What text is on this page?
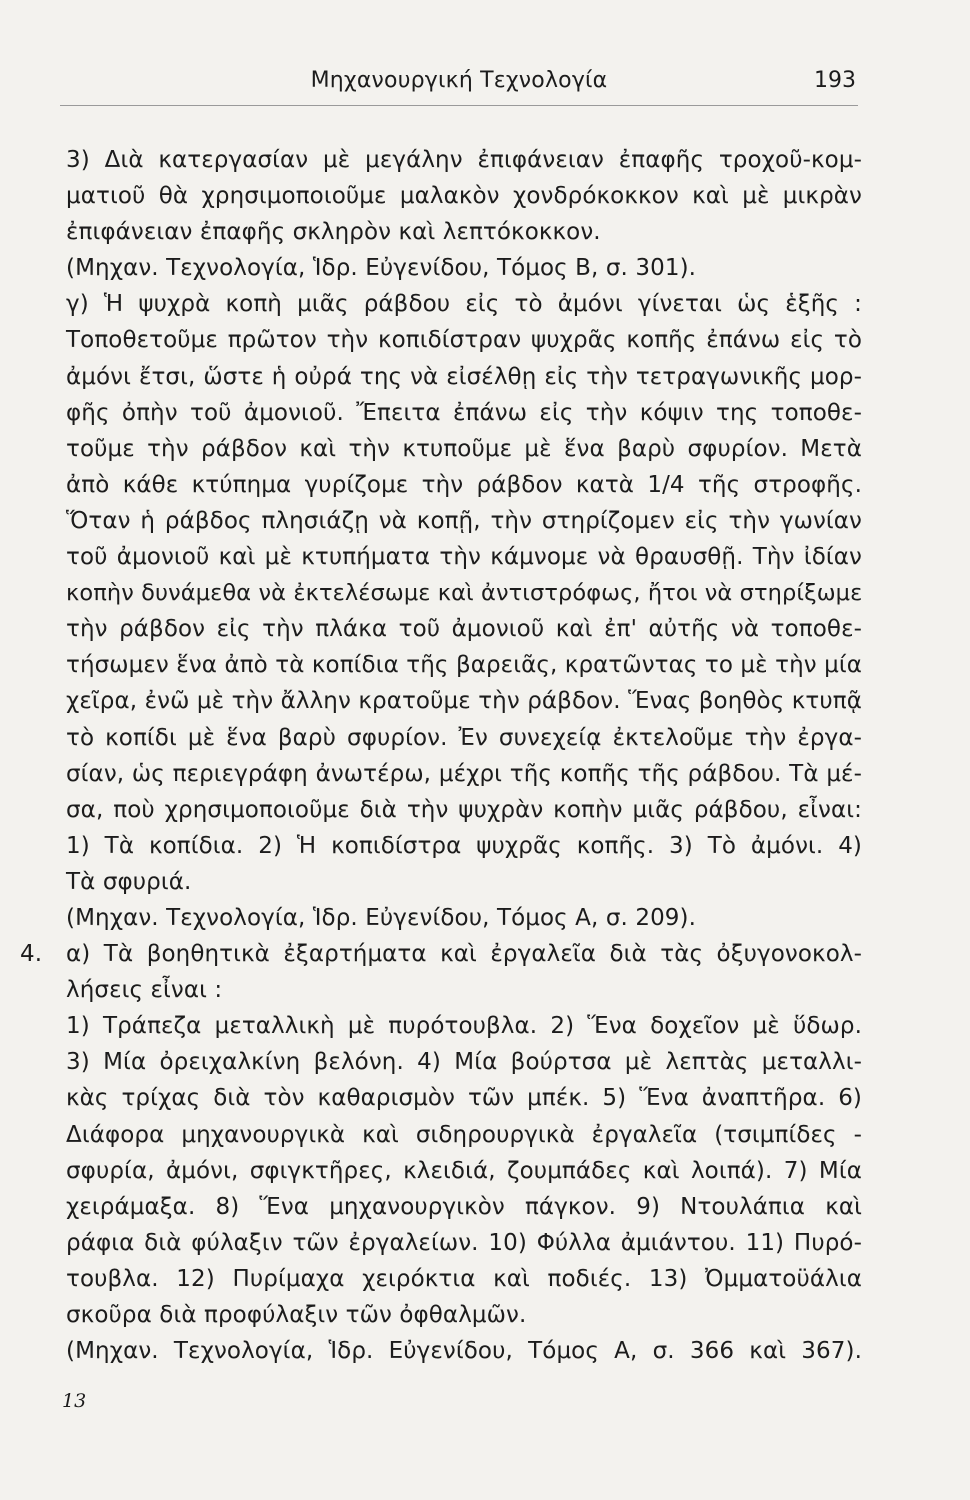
Μηχανουργική Τεχνολογία	193
3) Διὰ κατεργασίαν μὲ μεγάλην ἐπιφάνειαν ἐπαφῆς τροχοῦ-κομ-
ματιοῦ θὰ χρησιμοποιοῦμε μαλακὸν χονδρόκοκκον καὶ μὲ μικρὰν
ἐπιφάνειαν ἐπαφῆς σκληρὸν καὶ λεπτόκοκκον.
(Μηχαν. Τεχνολογία, Ἱδρ. Εὐγενίδου, Τόμος Β, σ. 301).
γ) Ἡ ψυχρὰ κοπὴ μιᾶς ράβδου εἰς τὸ ἀμόνι γίνεται ὡς ἑξῆς :
Τοποθετοῦμε πρῶτον τὴν κοπιδίστραν ψυχρᾶς κοπῆς ἐπάνω εἰς τὸ
ἀμόνι ἔτσι, ὥστε ἡ οὐρά της νὰ εἰσέλθῃ εἰς τὴν τετραγωνικῆς μορ-
φῆς ὀπὴν τοῦ ἀμονιοῦ. Ἔπειτα ἐπάνω εἰς τὴν κόψιν της τοποθε-
τοῦμε τὴν ράβδον καὶ τὴν κτυποῦμε μὲ ἕνα βαρὺ σφυρίον. Μετὰ
ἀπὸ κάθε κτύπημα γυρίζομε τὴν ράβδον κατὰ 1/4 τῆς στροφῆς.
Ὅταν ἡ ράβδος πλησιάζῃ νὰ κοπῇ, τὴν στηρίζομεν εἰς τὴν γωνίαν
τοῦ ἀμονιοῦ καὶ μὲ κτυπήματα τὴν κάμνομε νὰ θραυσθῇ. Τὴν ἰδίαν
κοπὴν δυνάμεθα νὰ ἐκτελέσωμε καὶ ἀντιστρόφως, ἤτοι νὰ στηρίξωμε
τὴν ράβδον εἰς τὴν πλάκα τοῦ ἀμονιοῦ καὶ ἐπ' αὐτῆς νὰ τοποθε-
τήσωμεν ἕνα ἀπὸ τὰ κοπίδια τῆς βαρειᾶς, κρατῶντας το μὲ τὴν μία
χεῖρα, ἐνῶ μὲ τὴν ἄλλην κρατοῦμε τὴν ράβδον. Ἕνας βοηθὸς κτυπᾷ
τὸ κοπίδι μὲ ἕνα βαρὺ σφυρίον. Ἐν συνεχείᾳ ἐκτελοῦμε τὴν ἐργα-
σίαν, ὡς περιεγράφη ἀνωτέρω, μέχρι τῆς κοπῆς τῆς ράβδου. Τὰ μέ-
σα, ποὺ χρησιμοποιοῦμε διὰ τὴν ψυχρὰν κοπὴν μιᾶς ράβδου, εἶναι:
1) Τὰ κοπίδια. 2) Ἡ κοπιδίστρα ψυχρᾶς κοπῆς. 3) Τὸ ἀμόνι. 4)
Τὰ σφυριά.
(Μηχαν. Τεχνολογία, Ἱδρ. Εὐγενίδου, Τόμος Α, σ. 209).
4. α) Τὰ βοηθητικὰ ἐξαρτήματα καὶ ἐργαλεῖα διὰ τὰς ὀξυγονοκολ-
λήσεις εἶναι :
1) Τράπεζα μεταλλικὴ μὲ πυρότουβλα. 2) Ἕνα δοχεῖον μὲ ὕδωρ.
3) Μία ὀρειχαλκίνη βελόνη. 4) Μία βούρτσα μὲ λεπτὰς μεταλλι-
κὰς τρίχας διὰ τὸν καθαρισμὸν τῶν μπέκ. 5) Ἕνα ἀναπτῆρα. 6)
Διάφορα μηχανουργικὰ καὶ σιδηρουργικὰ ἐργαλεῖα (τσιμπίδες -
σφυρία, ἀμόνι, σφιγκτῆρες, κλειδιά, ζουμπάδες καὶ λοιπά). 7) Μία
χειράμαξα. 8) Ἕνα μηχανουργικὸν πάγκον. 9) Ντουλάπια καὶ
ράφια διὰ φύλαξιν τῶν ἐργαλείων. 10) Φύλλα ἀμιάντου. 11) Πυρό-
τουβλα. 12) Πυρίμαχα χειρόκτια καὶ ποδιές. 13) Ὀμματοϋάλια
σκοῦρα διὰ προφύλαξιν τῶν ὀφθαλμῶν.
(Μηχαν. Τεχνολογία, Ἱδρ. Εὐγενίδου, Τόμος Α, σ. 366 καὶ 367).
13
